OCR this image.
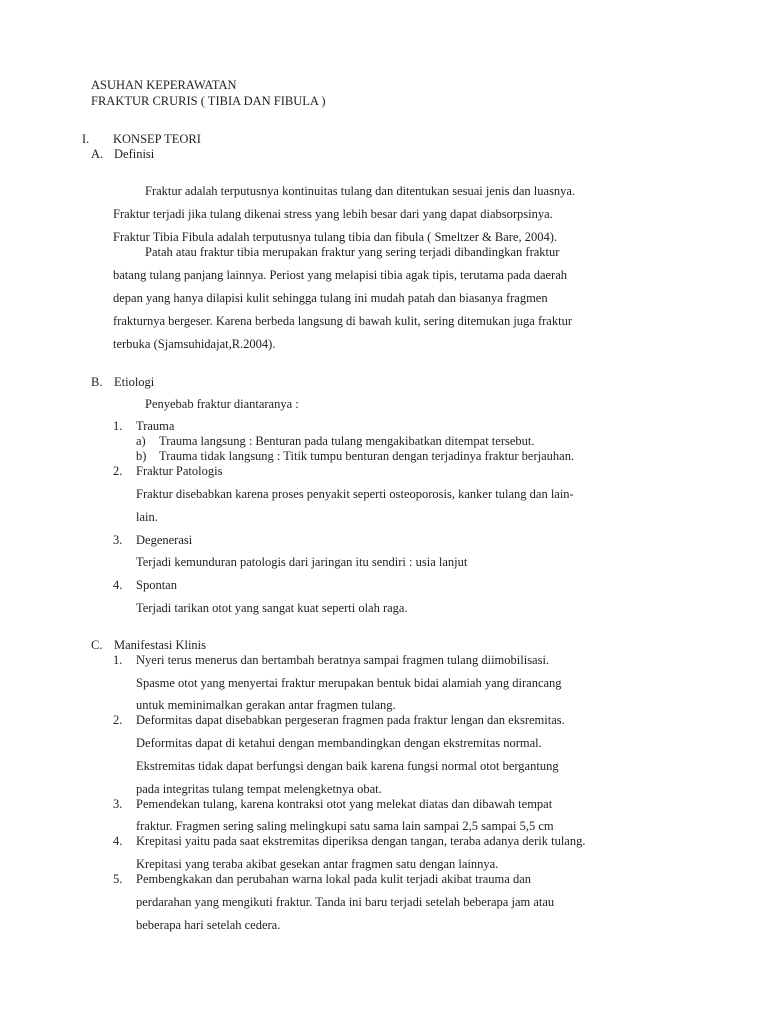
ASUHAN KEPERAWATAN
FRAKTUR CRURIS ( TIBIA DAN FIBULA )
I. KONSEP TEORI
A. Definisi
Fraktur adalah terputusnya kontinuitas tulang dan ditentukan sesuai jenis dan luasnya.
Fraktur terjadi jika tulang dikenai stress yang lebih besar dari yang dapat diabsorpsinya.
Fraktur Tibia Fibula adalah terputusnya tulang tibia dan fibula ( Smeltzer & Bare, 2004).
Patah atau fraktur tibia merupakan fraktur yang sering terjadi dibandingkan fraktur
batang tulang panjang lainnya. Periost yang melapisi tibia agak tipis, terutama pada daerah
depan yang hanya dilapisi kulit sehingga tulang ini mudah patah dan biasanya fragmen
frakturnya bergeser. Karena berbeda langsung di bawah kulit, sering ditemukan juga fraktur
terbuka (Sjamsuhidajat,R.2004).
B. Etiologi
Penyebab fraktur diantaranya :
1. Trauma
a) Trauma langsung : Benturan pada tulang mengakibatkan ditempat tersebut.
b) Trauma tidak langsung : Titik tumpu benturan dengan terjadinya fraktur berjauhan.
2. Fraktur Patologis
Fraktur disebabkan karena proses penyakit seperti osteoporosis, kanker tulang dan lain-
lain.
3. Degenerasi
Terjadi kemunduran patologis dari jaringan itu sendiri : usia lanjut
4. Spontan
Terjadi tarikan otot yang sangat kuat seperti olah raga.
C. Manifestasi Klinis
1. Nyeri terus menerus dan bertambah beratnya sampai fragmen tulang diimobilisasi.
Spasme otot yang menyertai fraktur merupakan bentuk bidai alamiah yang dirancang
untuk meminimalkan gerakan antar fragmen tulang.
2. Deformitas dapat disebabkan pergeseran fragmen pada fraktur lengan dan eksremitas.
Deformitas dapat di ketahui dengan membandingkan dengan ekstremitas normal.
Ekstremitas tidak dapat berfungsi dengan baik karena fungsi normal otot bergantung
pada integritas tulang tempat melengketnya obat.
3. Pemendekan tulang, karena kontraksi otot yang melekat diatas dan dibawah tempat
fraktur. Fragmen sering saling melingkupi satu sama lain sampai 2,5 sampai 5,5 cm
4. Krepitasi yaitu pada saat ekstremitas diperiksa dengan tangan, teraba adanya derik tulang.
Krepitasi yang teraba akibat gesekan antar fragmen satu dengan lainnya.
5. Pembengkakan dan perubahan warna lokal pada kulit terjadi akibat trauma dan
perdarahan yang mengikuti fraktur. Tanda ini baru terjadi setelah beberapa jam atau
beberapa hari setelah cedera.
